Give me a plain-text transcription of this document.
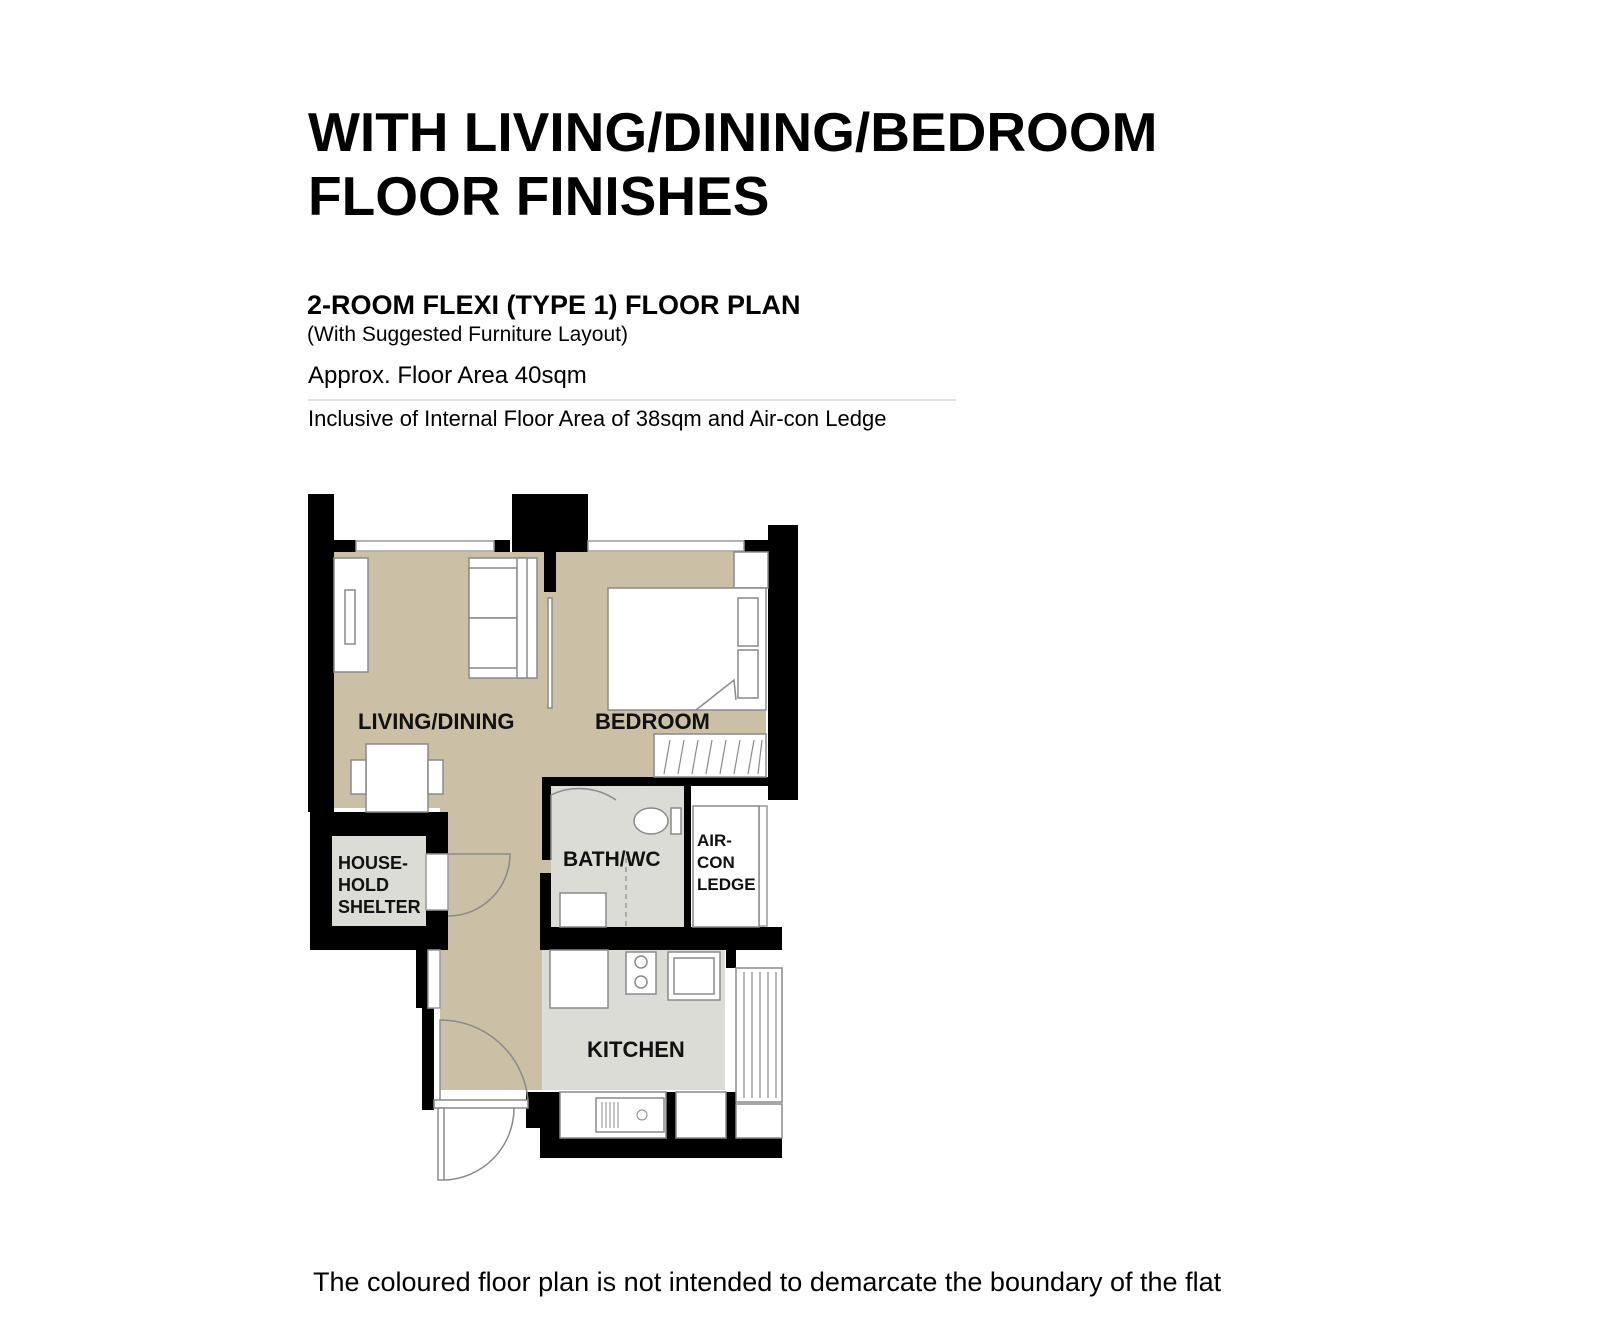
WITH LIVING/DINING/BEDROOM
FLOOR FINISHES
2-ROOM FLEXI (TYPE 1) FLOOR PLAN
(With Suggested Furniture Layout)
Approx. Floor Area 40sqm
Inclusive of Internal Floor Area of 38sqm and Air-con Ledge
LIVING/DINING	BEDROOM
BATH/WC
HOUSE-
HOLD
SHELTER
AIR-
CON
LEDGE
KITCHEN
The coloured floor plan is not intended to demarcate the boundary of the flat
